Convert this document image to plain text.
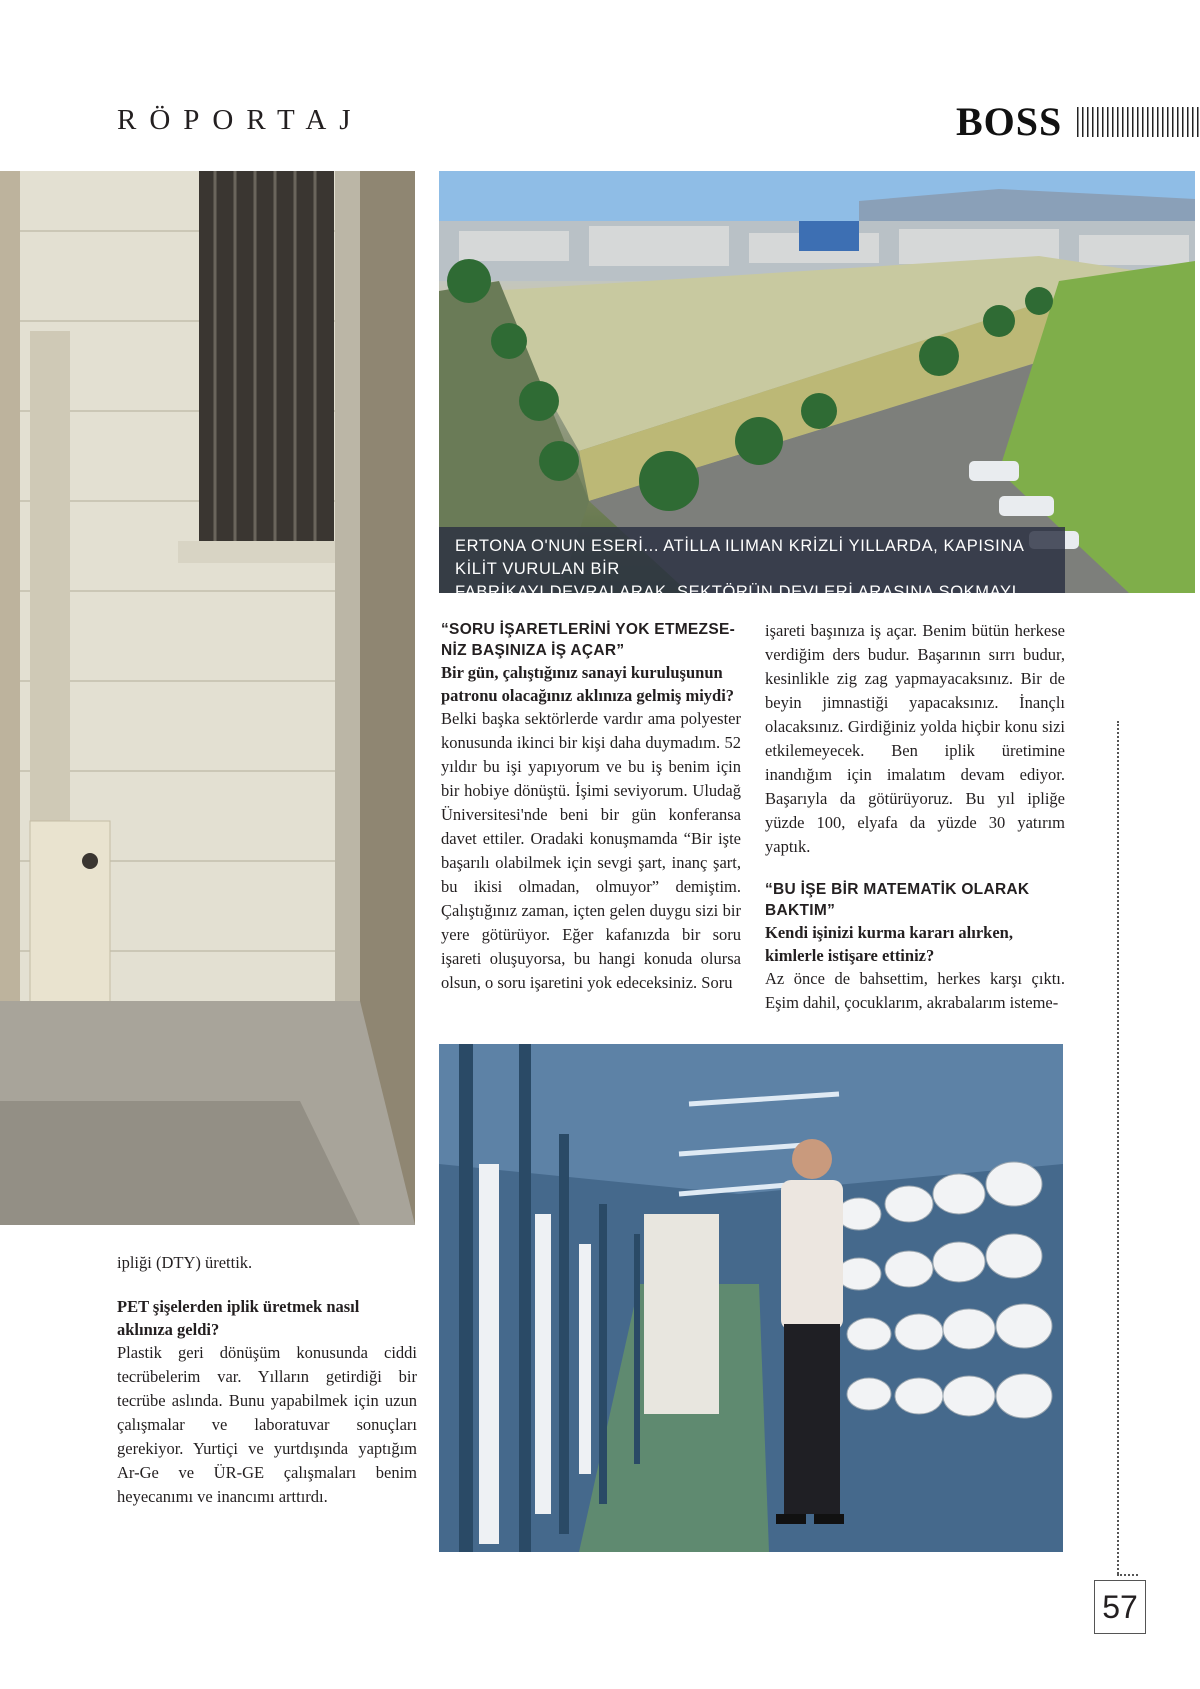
RÖPORTAJ	BOSS
ERTONA O'NUN ESERİ... ATİLLA ILIMAN KRİZLİ YILLARDA, KAPISINA KİLİT VURULAN BİR
FABRİKAYI DEVRALARAK, SEKTÖRÜN DEVLERİ ARASINA SOKMAYI BAŞARDI.

“SORU İŞARETLERİNİ YOK ETMEZSE-NİZ BAŞINIZA İŞ AÇAR”

Bir gün, çalıştığınız sanayi kuruluşunun patronu olacağınız aklınıza gelmiş miydi?

Belki başka sektörlerde vardır ama polyester konusunda ikinci bir kişi daha duymadım. 52 yıldır bu işi yapıyorum ve bu iş benim için bir hobiye dönüştü. İşimi seviyorum. Uludağ Üniversitesi'nde beni bir gün konferansa davet ettiler. Oradaki konuşmamda “Bir işte başarılı olabilmek için sevgi şart, inanç şart, bu ikisi olmadan, olmuyor” demiştim. Çalıştığınız zaman, içten gelen duygu sizi bir yere götürüyor. Eğer kafanızda bir soru işareti oluşuyorsa, bu hangi konuda olursa olsun, o soru işaretini yok edeceksiniz. Soru

işareti başınıza iş açar. Benim bütün herkese verdiğim ders budur. Başarının sırrı budur, kesinlikle zig zag yapmayacaksınız. Bir de beyin jimnastiği yapacaksınız. İnançlı olacaksınız. Girdiğiniz yolda hiçbir konu sizi etkilemeyecek. Ben iplik üretimine inandığım için imalatım devam ediyor. Başarıyla da götürüyoruz. Bu yıl ipliğe yüzde 100, elyafa da yüzde 30 yatırım yaptık.

“BU İŞE BİR MATEMATİK OLARAK BAKTIM”

Kendi işinizi kurma kararı alırken, kimlerle istişare ettiniz?

Az önce de bahsettim, herkes karşı çıktı. Eşim dahil, çocuklarım, akrabalarım isteme-

ipliği (DTY) ürettik.

PET şişelerden iplik üretmek nasıl aklınıza geldi?

Plastik geri dönüşüm konusunda ciddi tecrübelerim var. Yılların getirdiği bir tecrübe aslında. Bunu yapabilmek için uzun çalışmalar ve laboratuvar sonuçları gerekiyor. Yurtiçi ve yurtdışında yaptığım Ar-Ge ve ÜR-GE çalışmaları benim heyecanımı ve inancımı arttırdı.

57
